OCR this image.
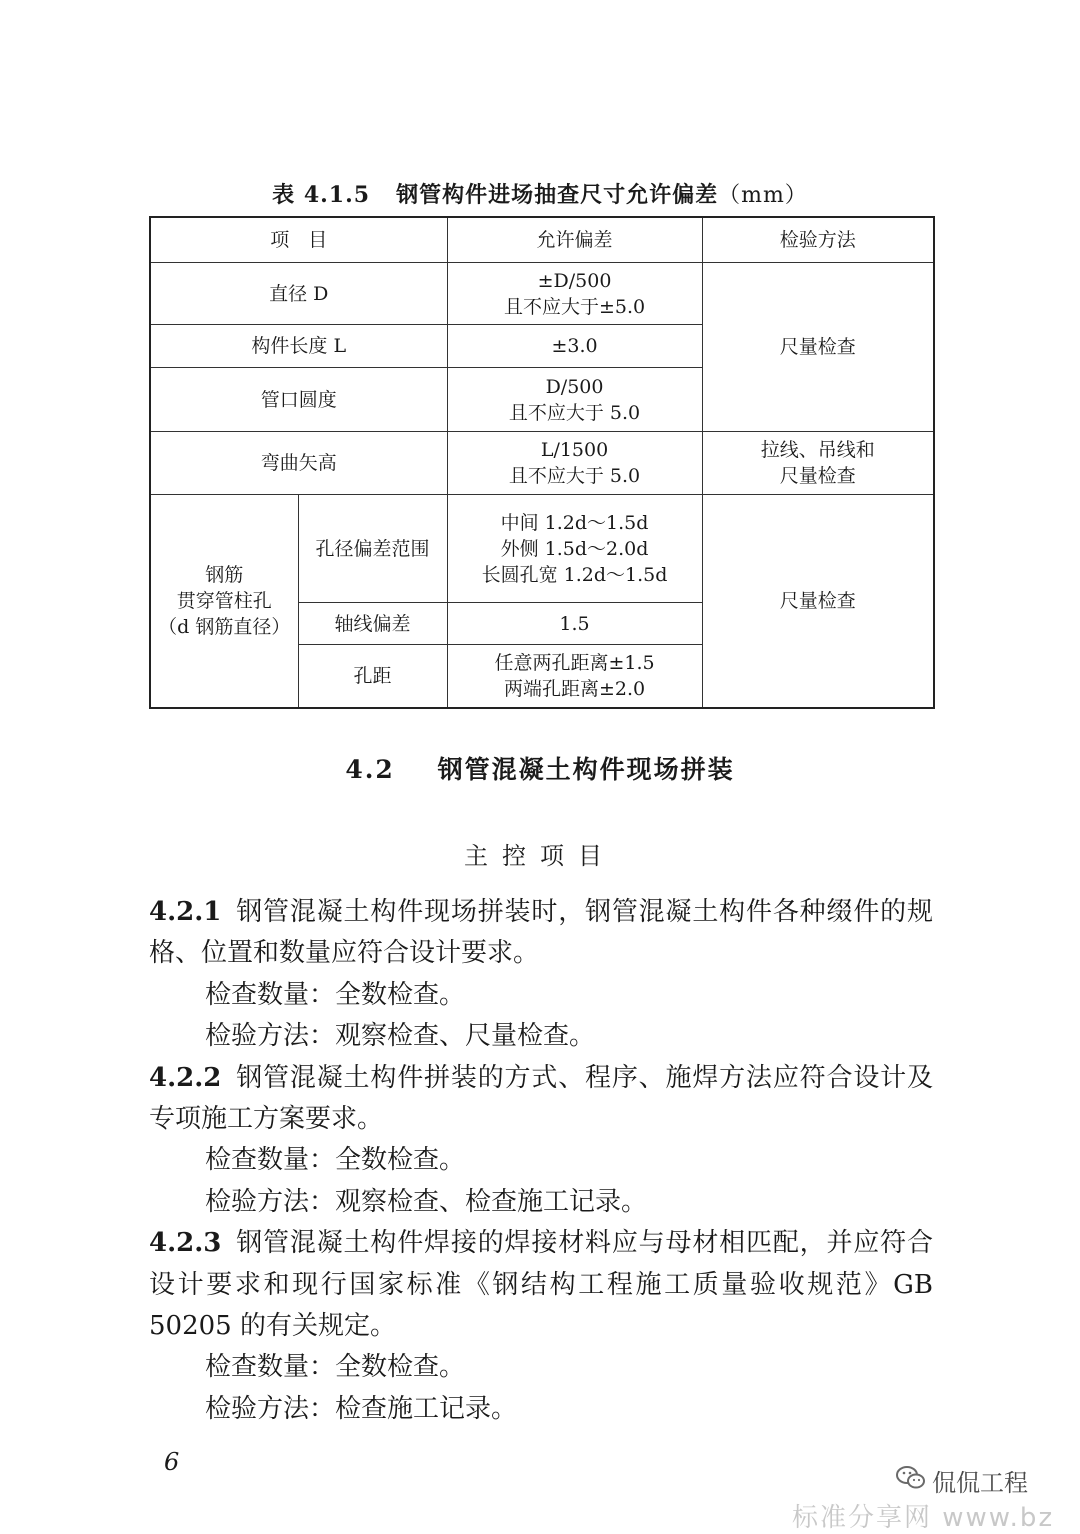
表 4.1.5 钢管构件进场抽查尺寸允许偏差（mm）
项　目		允许偏差	检验方法
直径 D		±D/500
且不应大于±5.0	尺量检查
构件长度 L		±3.0	
管口圆度		D/500
且不应大于 5.0	

弯曲矢高		L/1500
且不应大于 5.0	拉线、吊线和
尺量检查

钢筋
贯穿管柱孔
（d 钢筋直径）	孔径偏差范围	中间 1.2d～1.5d
外侧 1.5d～2.0d
长圆孔宽 1.2d～1.5d	尺量检查
	轴线偏差	1.5	
	孔距	任意两孔距离±1.5
两端孔距离±2.0	
4.2 钢管混凝土构件现场拼装
主控项目

4.2.1 钢管混凝土构件现场拼装时，钢管混凝土构件各种缀件的规格、位置和数量应符合设计要求。

检查数量：全数检查。

检验方法：观察检查、尺量检查。

4.2.2 钢管混凝土构件拼装的方式、程序、施焊方法应符合设计及专项施工方案要求。

检查数量：全数检查。

检验方法：观察检查、检查施工记录。

4.2.3 钢管混凝土构件焊接的焊接材料应与母材相匹配，并应符合设计要求和现行国家标准《钢结构工程施工质量验收规范》GB 50205 的有关规定。

检查数量：全数检查。

检验方法：检查施工记录。

6
侃侃工程
标准分享网 www.bz
